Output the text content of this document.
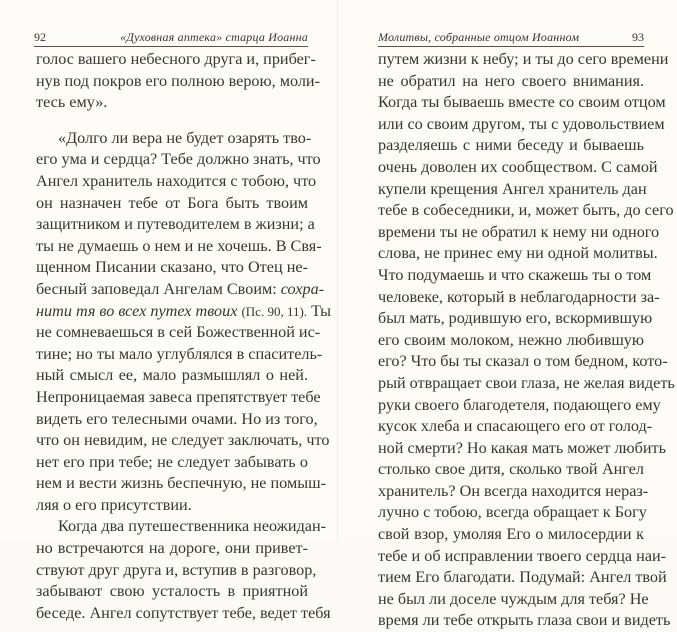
92	«Духовная аптека» старца Иоанна
голос вашего небесного друга и, прибег-
нув под покров его полною верою, моли-
тесь ему».
«Долго ли вера не будет озарять тво-
его ума и сердца? Тебе должно знать, что
Ангел хранитель находится с тобою, что
он назначен тебе от Бога быть твоим
защитником и путеводителем в жизни; а
ты не думаешь о нем и не хочешь. В Свя-
щенном Писании сказано, что Отец не-
бесный заповедал Ангелам Своим: сохра-
нити тя во всех путех твоих (Пс. 90, 11). Ты
не сомневаешься в сей Божественной ис-
тине; но ты мало углублялся в спаситель-
ный смысл ее, мало размышлял о ней.
Непроницаемая завеса препятствует тебе
видеть его телесными очами. Но из того,
что он невидим, не следует заключать, что
нет его при тебе; не следует забывать о
нем и вести жизнь беспечную, не помыш-
ляя о его присутствии.
Когда два путешественника неожидан-
но встречаются на дороге, они привет-
ствуют друг друга и, вступив в разговор,
забывают свою усталость в приятной
беседе. Ангел сопутствует тебе, ведет тебя
Молитвы, собранные отцом Иоанном	93
путем жизни к небу; и ты до сего времени
не обратил на него своего внимания.
Когда ты бываешь вместе со своим отцом
или со своим другом, ты с удовольствием
разделяешь с ними беседу и бываешь
очень доволен их сообществом. С самой
купели крещения Ангел хранитель дан
тебе в собеседники, и, может быть, до сего
времени ты не обратил к нему ни одного
слова, не принес ему ни одной молитвы.
Что подумаешь и что скажешь ты о том
человеке, который в неблагодарности за-
был мать, родившую его, вскормившую
его своим молоком, нежно любившую
его? Что бы ты сказал о том бедном, кото-
рый отвращает свои глаза, не желая видеть
руки своего благодетеля, подающего ему
кусок хлеба и спасающего его от голод-
ной смерти? Но какая мать может любить
столько свое дитя, сколько твой Ангел
хранитель? Он всегда находится нераз-
лучно с тобою, всегда обращает к Богу
свой взор, умоляя Его о милосердии к
тебе и об исправлении твоего сердца наи-
тием Его благодати. Подумай: Ангел твой
не был ли доселе чуждым для тебя? Не
время ли тебе открыть глаза свои и видеть
